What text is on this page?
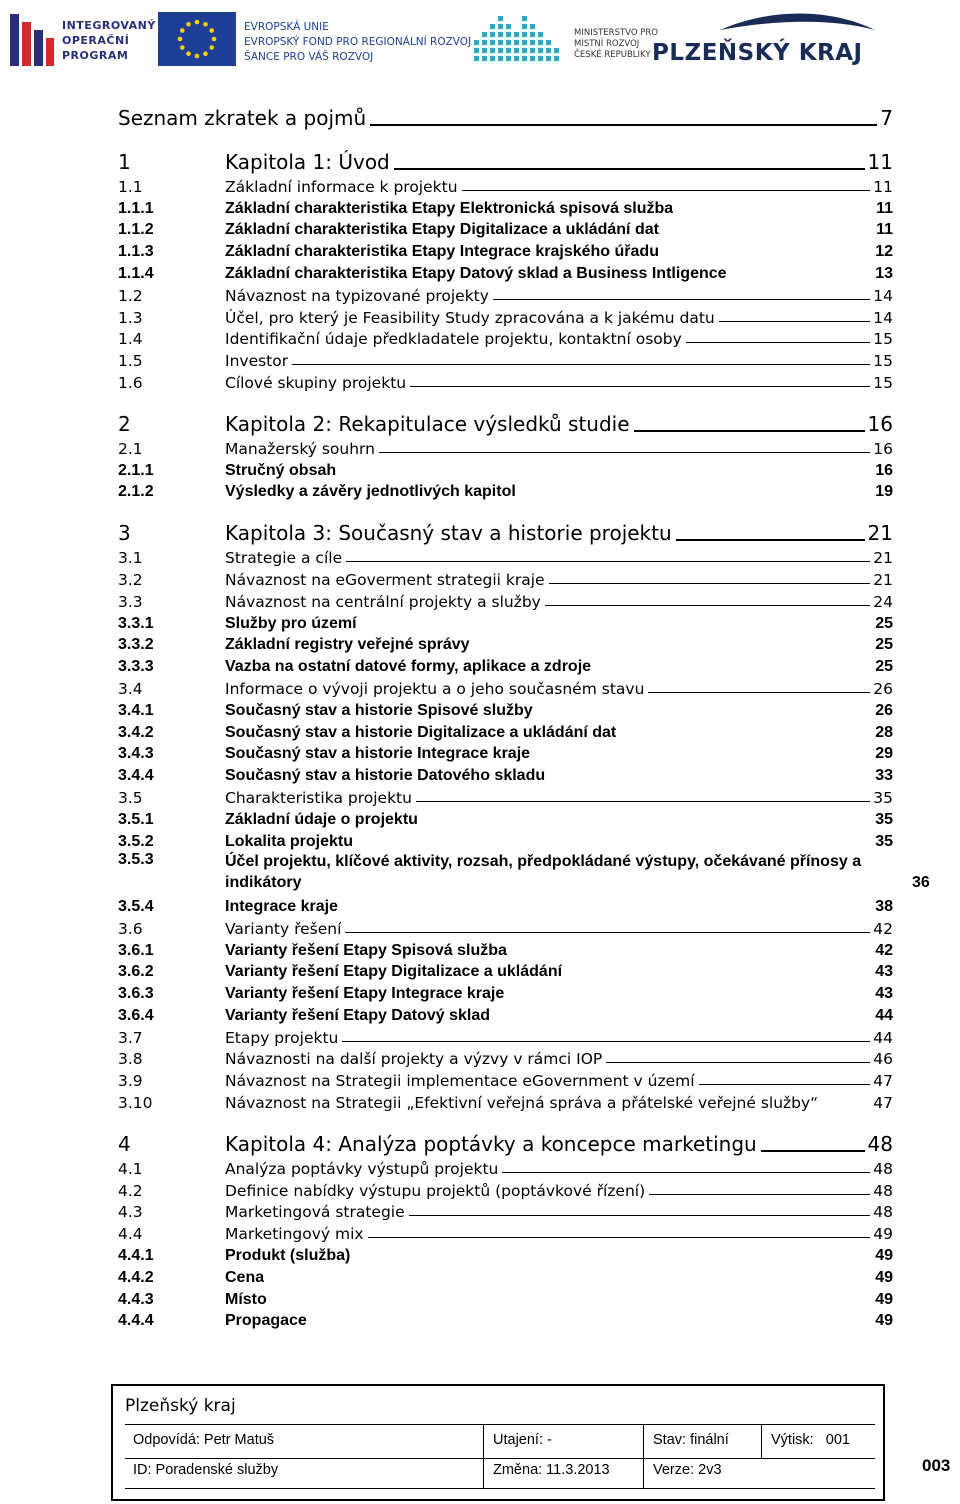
INTEGROVANÝ
OPERAČNÍ
PROGRAM
EVROPSKÁ UNIE
EVROPSKÝ FOND PRO REGIONÁLNÍ ROZVOJ
ŠANCE PRO VÁŠ ROZVOJ
MINISTERSTVO PRO
MÍSTNÍ ROZVOJ
ČESKÉ REPUBLIKY PLZEŇSKÝ KRAJ
Seznam zkratek a pojmů	7
1	Kapitola 1: Úvod	11
1.1	Základní informace k projektu	11
1.1.1	Základní charakteristika Etapy Elektronická spisová služba	11
1.1.2	Základní charakteristika Etapy Digitalizace a ukládání dat	11
1.1.3	Základní charakteristika Etapy Integrace krajského úřadu	12
1.1.4	Základní charakteristika Etapy Datový sklad a Business Intligence	13
1.2	Návaznost na typizované projekty	14
1.3	Účel, pro který je Feasibility Study zpracována a k jakému datu	14
1.4	Identifikační údaje předkladatele projektu, kontaktní osoby	15
1.5	Investor	15
1.6	Cílové skupiny projektu	15
2	Kapitola 2: Rekapitulace výsledků studie	16
2.1	Manažerský souhrn	16
2.1.1	Stručný obsah	16
2.1.2	Výsledky a závěry jednotlivých kapitol	19
3	Kapitola 3: Současný stav a historie projektu	21
3.1	Strategie a cíle	21
3.2	Návaznost na eGoverment strategii kraje	21
3.3	Návaznost na centrální projekty a služby	24
3.3.1	Služby pro území	25
3.3.2	Základní registry veřejné správy	25
3.3.3	Vazba na ostatní datové formy, aplikace a zdroje	25
3.4	Informace o vývoji projektu a o jeho současném stavu	26
3.4.1	Současný stav a historie Spisové služby	26
3.4.2	Současný stav a historie Digitalizace a ukládání dat	28
3.4.3	Současný stav a historie Integrace kraje	29
3.4.4	Současný stav a historie Datového skladu	33
3.5	Charakteristika projektu	35
3.5.1	Základní údaje o projektu	35
3.5.2	Lokalita projektu	35
3.5.3	Účel projektu, klíčové aktivity, rozsah, předpokládané výstupy, očekávané přínosy a indikátory	36
3.5.4	Integrace kraje	38
3.6	Varianty řešení	42
3.6.1	Varianty řešení Etapy Spisová služba	42
3.6.2	Varianty řešení Etapy Digitalizace a ukládání	43
3.6.3	Varianty řešení Etapy Integrace kraje	43
3.6.4	Varianty řešení Etapy Datový sklad	44
3.7	Etapy projektu	44
3.8	Návaznosti na další projekty a výzvy v rámci IOP	46
3.9	Návaznost na Strategii implementace eGovernment v území	47
3.10	Návaznost na Strategii „Efektivní veřejná správa a přátelské veřejné služby“	47
4	Kapitola 4: Analýza poptávky a koncepce marketingu	48
4.1	Analýza poptávky výstupů projektu	48
4.2	Definice nabídky výstupu projektů (poptávkové řízení)	48
4.3	Marketingová strategie	48
4.4	Marketingový mix	49
4.4.1	Produkt (služba)	49
4.4.2	Cena	49
4.4.3	Místo	49
4.4.4	Propagace	49
Plzeňský kraj
Odpovídá: Petr Matuš	Utajení: -	Stav: finální	Výtisk:   001
ID: Poradenské služby	Změna: 11.3.2013	Verze: 2v3	003
